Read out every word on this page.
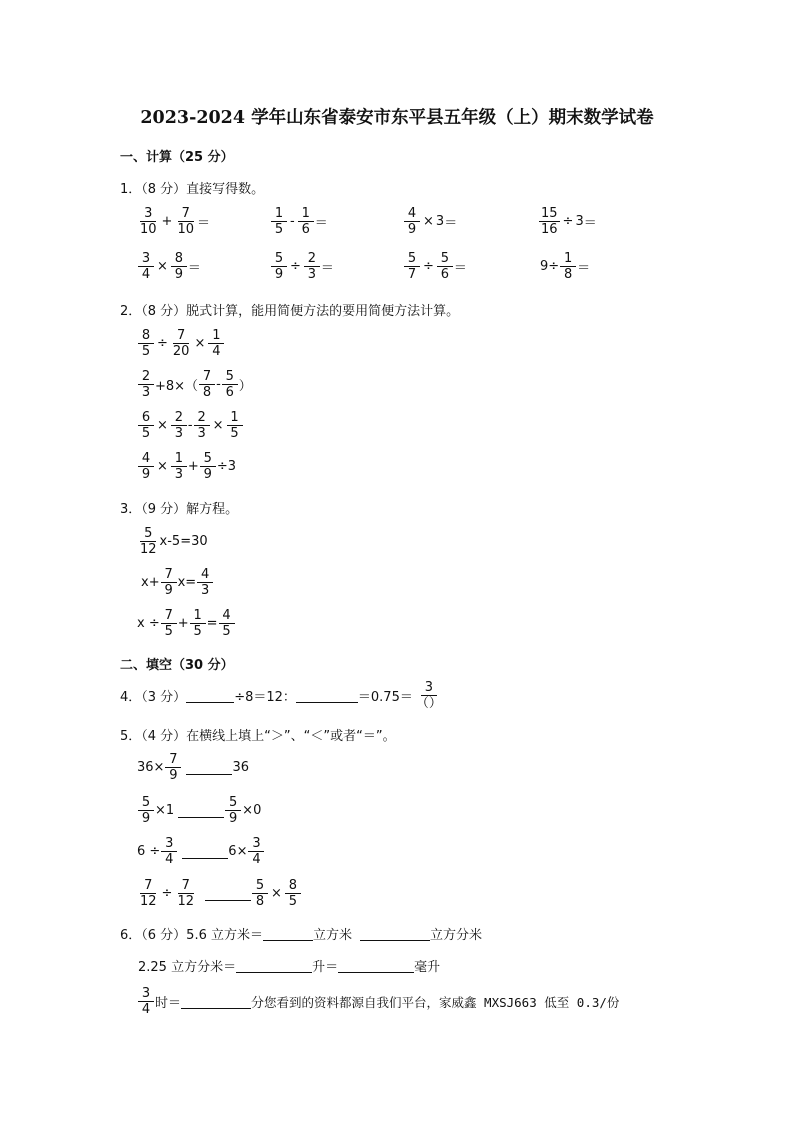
2023-2024 学年山东省泰安市东平县五年级（上）期末数学试卷
一、计算（25 分）
1．（8 分）直接写得数。
$\frac{3}{10} + \frac{7}{10}$ ＝	$\frac{1}{5} - \frac{1}{6}$ ＝	$\frac{4}{9} \times 3$ ＝	$\frac{15}{16} \div 3$ ＝
$\frac{3}{4} \times \frac{8}{9}$ ＝	$\frac{5}{9} \div \frac{2}{3}$ ＝	$\frac{5}{7} \div \frac{5}{6}$ ＝	$9\div \frac{1}{8}$ ＝
2．（8 分）脱式计算，能用简便方法的要用简便方法计算。
$\frac{8}{5} \div \frac{7}{20} \times \frac{1}{4}$
$\frac{2}{3} +8\times( \frac{7}{8} - \frac{5}{6}$ ）
$\frac{6}{5} \times \frac{2}{3} - \frac{2}{3} \times \frac{1}{5}$
$\frac{4}{9} \times \frac{1}{3} + \frac{5}{9} \div 3$
3．（9 分）解方程。
$\frac{5}{12} x-5=30$
$x+ \frac{7}{9} x= \frac{4}{3}$
$x \div \frac{7}{5} + \frac{1}{5} = \frac{4}{5}$
二、填空（30 分）
4．（3 分）	÷8＝12：	$=0.75= \frac{3}{()}$
5．（4 分）在横线上填上“＞”、“＜”或者“＝”。
$36\times \frac{7}{9}$	36
$\frac{5}{9} \times 1$	$\frac{5}{9} \times 0$
$6 \div \frac{3}{4}$	$6\times \frac{3}{4}$
$\frac{7}{12} \div \frac{7}{12}$	$\frac{5}{8} \times \frac{8}{5}$
6．（6 分）5.6 立方米＝	立方米	立方分米
2.25 立方分米＝	升＝	毫升
$\frac{3}{4}$ 时＝	分 您看到的资料都源自我们平台，家威鑫 MXSJ663 低至 0.3/份
